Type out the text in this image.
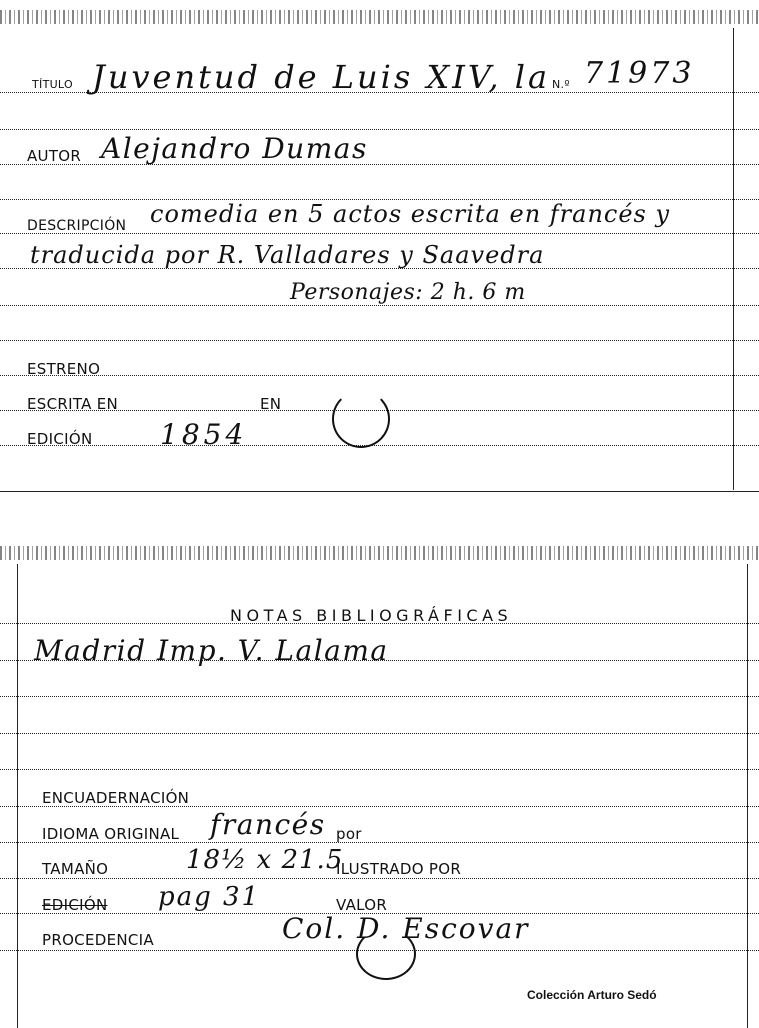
TÍTULO Juventud de Luis XIV, la N.º 71973
AUTOR Alejandro Dumas
DESCRIPCIÓN comedia en 5 actos escrita en francés y
traducida por R. Valladares y Saavedra
Personajes: 2 h. 6 m
ESTRENO
ESCRITA EN	EN
EDICIÓN 1854
NOTAS BIBLIOGRÁFICAS
Madrid Imp. V. Lalama
ENCUADERNACIÓN
IDIOMA ORIGINAL francés por
TAMAÑO	18½ x 21.5
ILUSTRADO POR
EDICIÓN pag 31	VALOR
PROCEDENCIA	Col. D. Escovar
Colección Arturo Sedó
